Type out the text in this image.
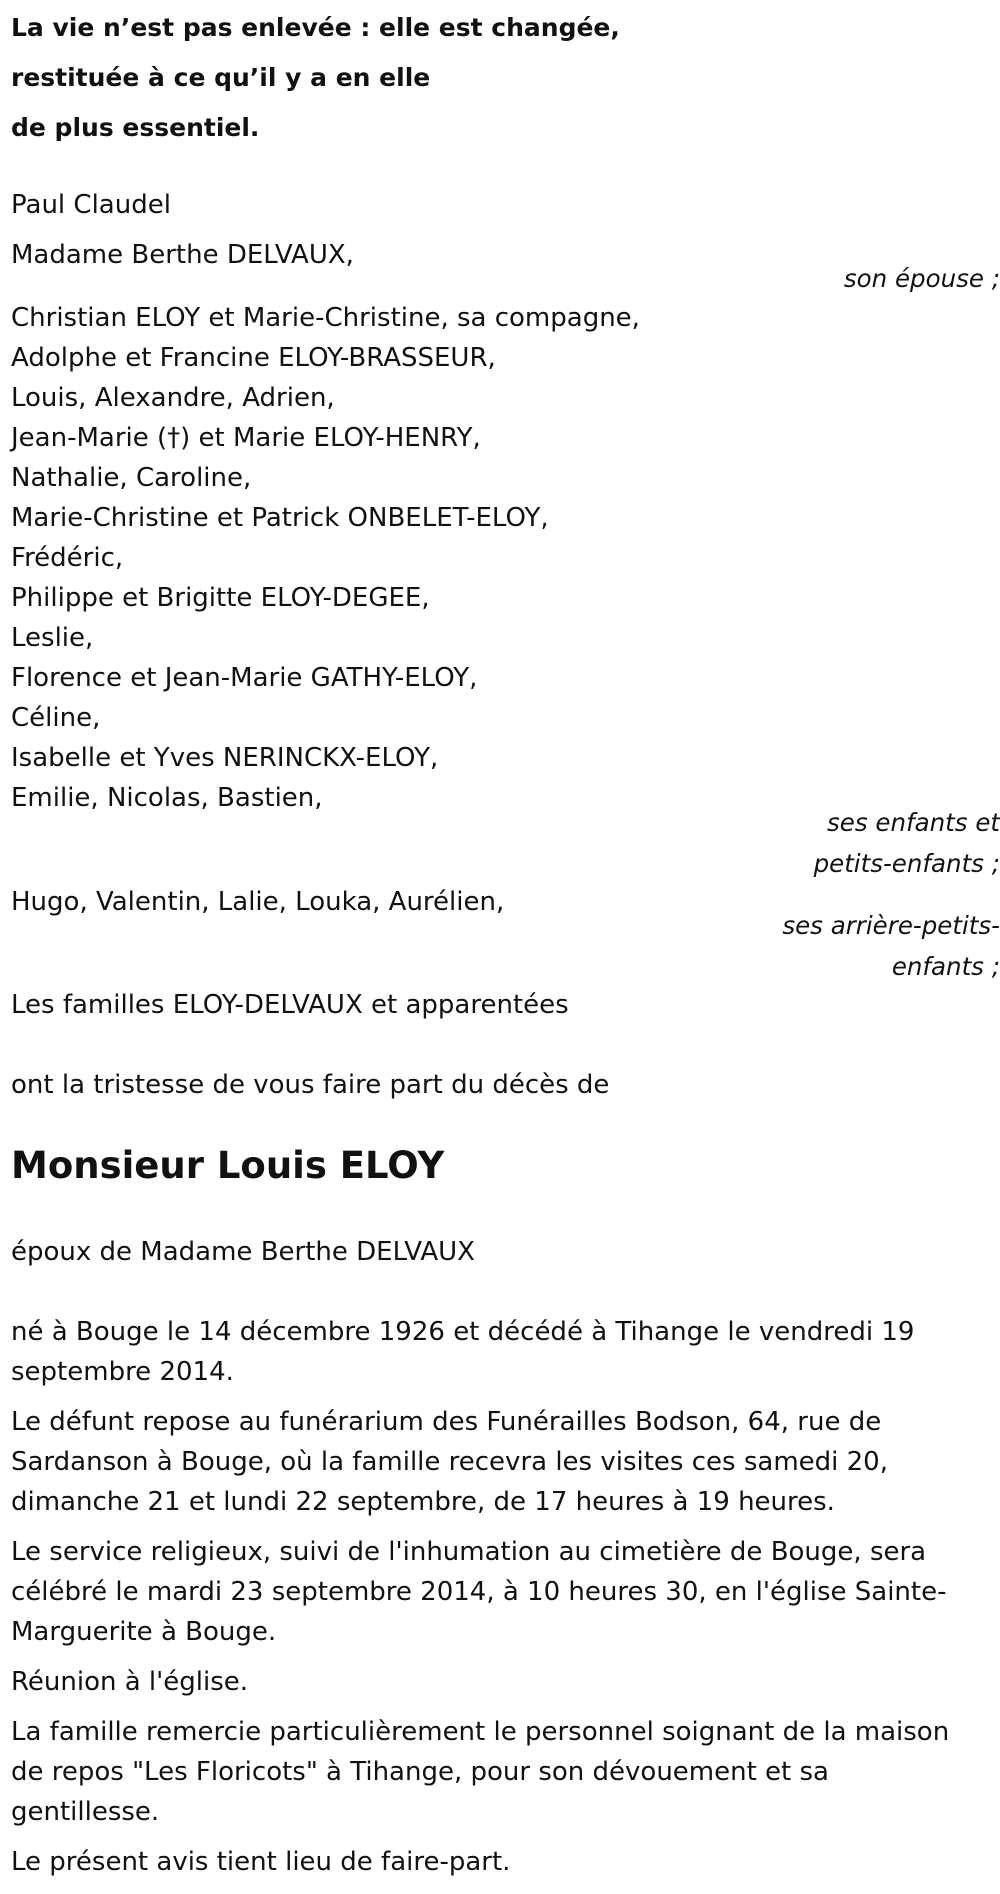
La vie n’est pas enlevée : elle est changée,
restituée à ce qu’il y a en elle
de plus essentiel.
Paul Claudel
Madame Berthe DELVAUX,
son épouse ;
Christian ELOY et Marie-Christine, sa compagne,
Adolphe et Francine ELOY-BRASSEUR,
Louis, Alexandre, Adrien,
Jean-Marie (†) et Marie ELOY-HENRY,
Nathalie, Caroline,
Marie-Christine et Patrick ONBELET-ELOY,
Frédéric,
Philippe et Brigitte ELOY-DEGEE,
Leslie,
Florence et Jean-Marie GATHY-ELOY,
Céline,
Isabelle et Yves NERINCKX-ELOY,
Emilie, Nicolas, Bastien,
ses enfants et
petits-enfants ;
Hugo, Valentin, Lalie, Louka, Aurélien,
ses arrière-petits-
enfants ;
Les familles ELOY-DELVAUX et apparentées
ont la tristesse de vous faire part du décès de
Monsieur Louis ELOY
époux de Madame Berthe DELVAUX
né à Bouge le 14 décembre 1926 et décédé à Tihange le vendredi 19 septembre 2014.
Le défunt repose au funérarium des Funérailles Bodson, 64, rue de Sardanson à Bouge, où la famille recevra les visites ces samedi 20, dimanche 21 et lundi 22 septembre, de 17 heures à 19 heures.
Le service religieux, suivi de l'inhumation au cimetière de Bouge, sera célébré le mardi 23 septembre 2014, à 10 heures 30, en l'église Sainte-Marguerite à Bouge.
Réunion à l'église.
La famille remercie particulièrement le personnel soignant de la maison de repos "Les Floricots" à Tihange, pour son dévouement et sa gentillesse.
Le présent avis tient lieu de faire-part.
